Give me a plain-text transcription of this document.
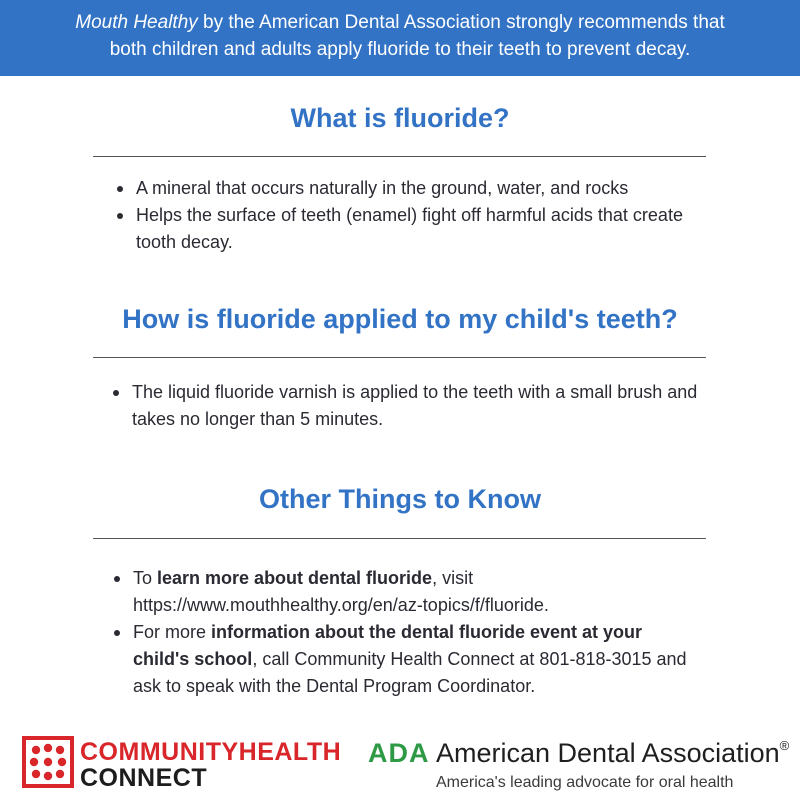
Mouth Healthy by the American Dental Association strongly recommends that
both children and adults apply fluoride to their teeth to prevent decay.
What is fluoride?
A mineral that occurs naturally in the ground, water, and rocks
Helps the surface of teeth (enamel) fight off harmful acids that create tooth decay.
How is fluoride applied to my child's teeth?
The liquid fluoride varnish is applied to the teeth with a small brush and takes no longer than 5 minutes.
Other Things to Know
To learn more about dental fluoride, visit https://www.mouthhealthy.org/en/az-topics/f/fluoride.
For more information about the dental fluoride event at your child's school, call Community Health Connect at 801-818-3015 and ask to speak with the Dental Program Coordinator.
COMMUNITYHEALTH
CONNECT
ADA American Dental Association®
America's leading advocate for oral health
